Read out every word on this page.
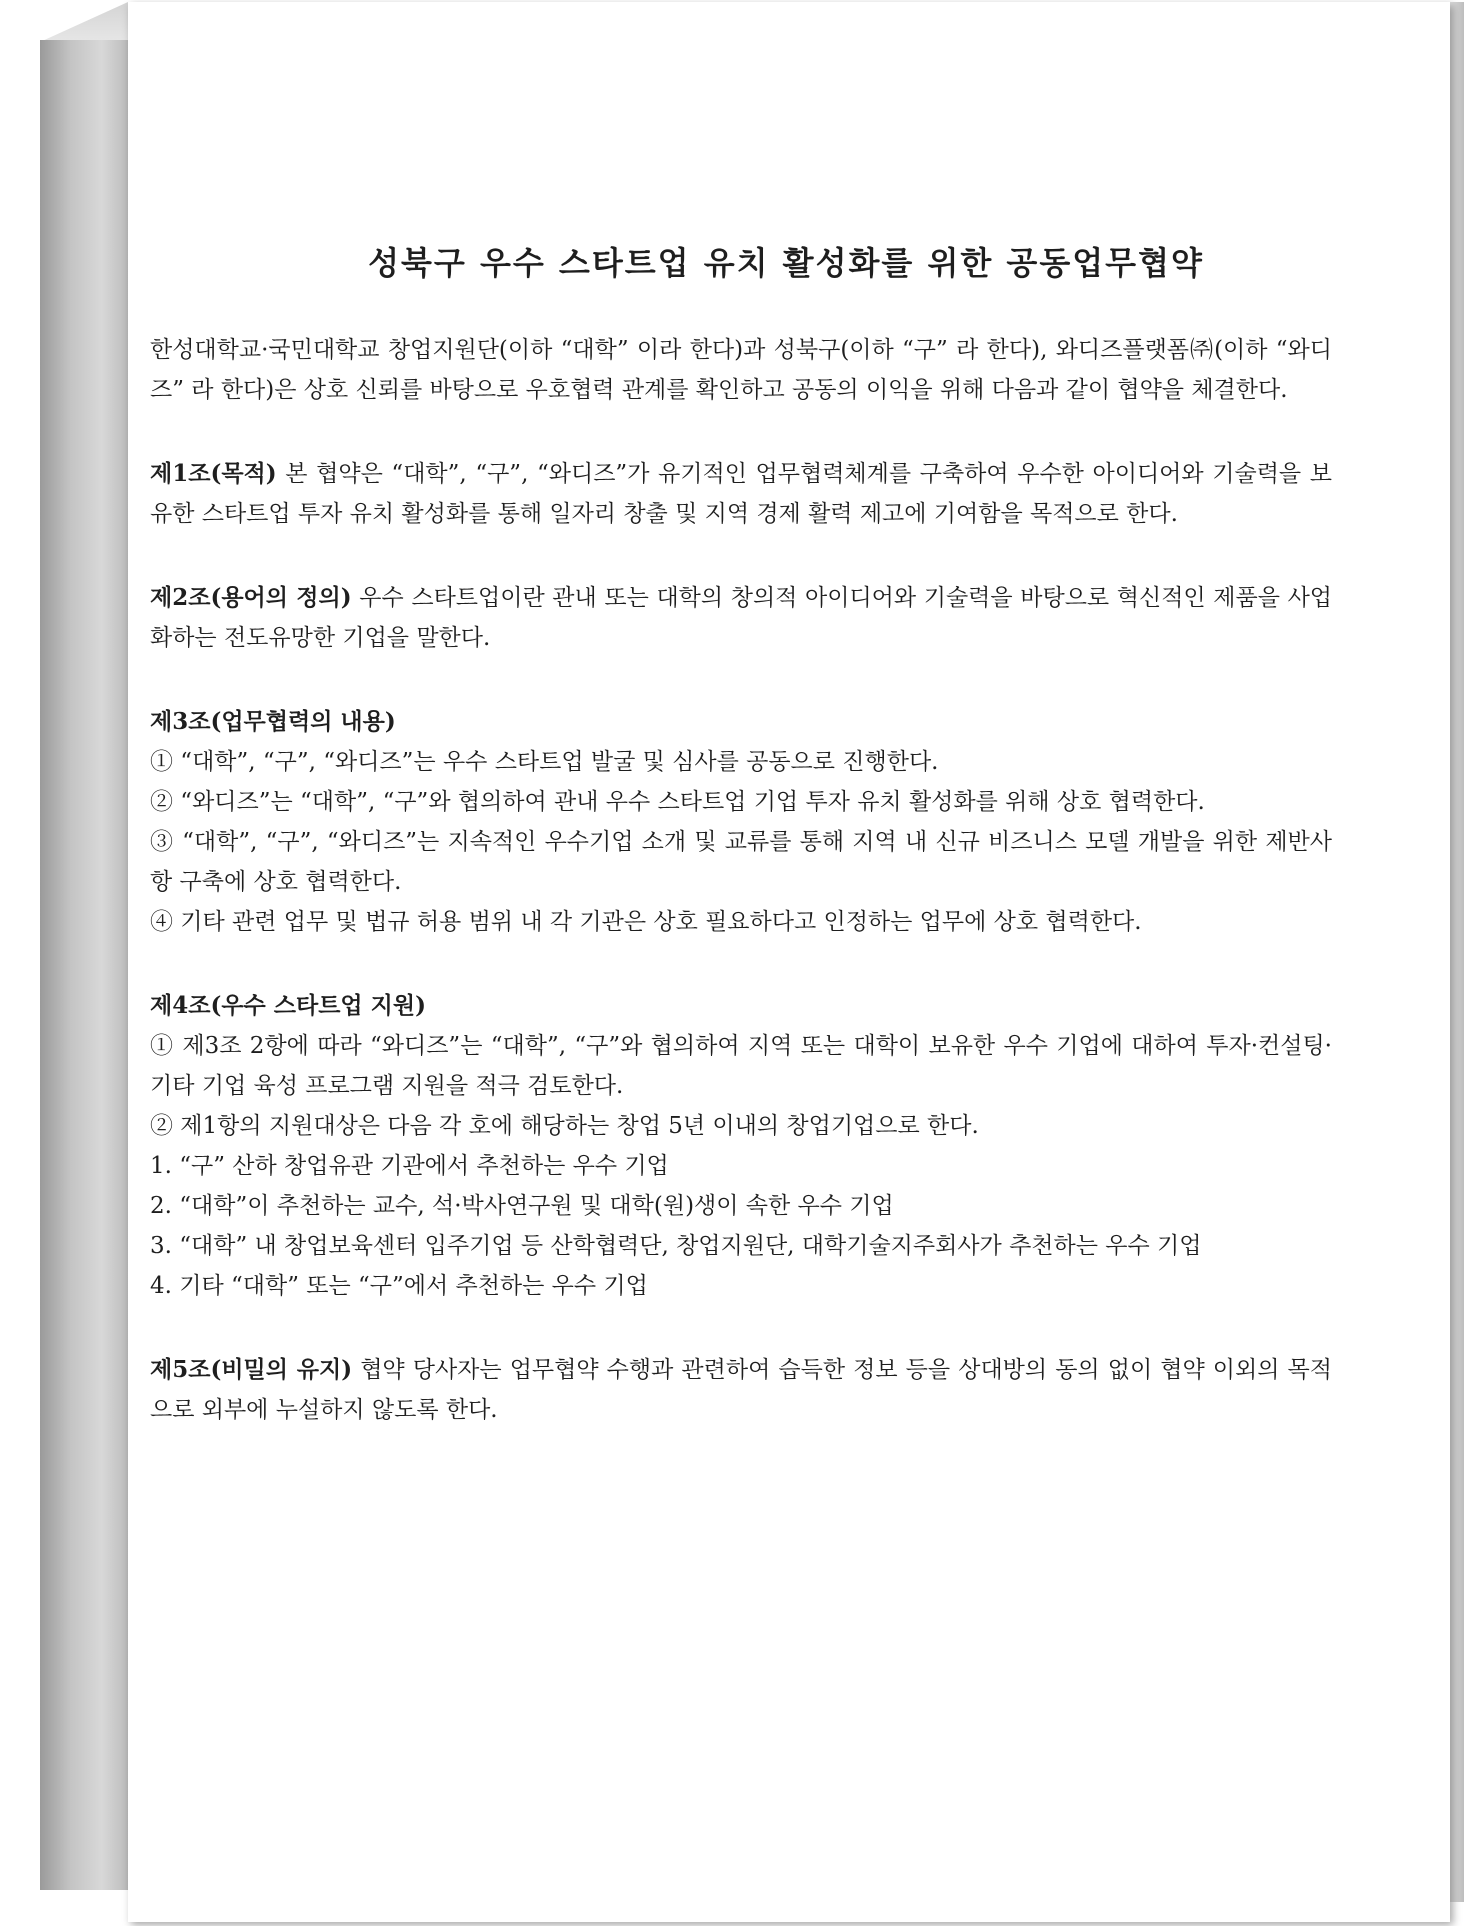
성북구 우수 스타트업 유치 활성화를 위한 공동업무협약

한성대학교·국민대학교 창업지원단(이하 “대학” 이라 한다)과 성북구(이하 “구” 라 한다), 와디즈플랫폼㈜(이하 “와디즈” 라 한다)은 상호 신뢰를 바탕으로 우호협력 관계를 확인하고 공동의 이익을 위해 다음과 같이 협약을 체결한다.

제1조(목적) 본 협약은 “대학”, “구”, “와디즈”가 유기적인 업무협력체계를 구축하여 우수한 아이디어와 기술력을 보유한 스타트업 투자 유치 활성화를 통해 일자리 창출 및 지역 경제 활력 제고에 기여함을 목적으로 한다.

제2조(용어의 정의) 우수 스타트업이란 관내 또는 대학의 창의적 아이디어와 기술력을 바탕으로 혁신적인 제품을 사업화하는 전도유망한 기업을 말한다.

제3조(업무협력의 내용)

① “대학”, “구”, “와디즈”는 우수 스타트업 발굴 및 심사를 공동으로 진행한다.

② “와디즈”는 “대학”, “구”와 협의하여 관내 우수 스타트업 기업 투자 유치 활성화를 위해 상호 협력한다.

③ “대학”, “구”, “와디즈”는 지속적인 우수기업 소개 및 교류를 통해 지역 내 신규 비즈니스 모델 개발을 위한 제반사항 구축에 상호 협력한다.

④ 기타 관련 업무 및 법규 허용 범위 내 각 기관은 상호 필요하다고 인정하는 업무에 상호 협력한다.

제4조(우수 스타트업 지원)

① 제3조 2항에 따라 “와디즈”는 “대학”, “구”와 협의하여 지역 또는 대학이 보유한 우수 기업에 대하여 투자·컨설팅·기타 기업 육성 프로그램 지원을 적극 검토한다.

② 제1항의 지원대상은 다음 각 호에 해당하는 창업 5년 이내의 창업기업으로 한다.

1. “구” 산하 창업유관 기관에서 추천하는 우수 기업

2. “대학”이 추천하는 교수, 석·박사연구원 및 대학(원)생이 속한 우수 기업

3. “대학” 내 창업보육센터 입주기업 등 산학협력단, 창업지원단, 대학기술지주회사가 추천하는 우수 기업

4. 기타 “대학” 또는 “구”에서 추천하는 우수 기업

제5조(비밀의 유지) 협약 당사자는 업무협약 수행과 관련하여 습득한 정보 등을 상대방의 동의 없이 협약 이외의 목적으로 외부에 누설하지 않도록 한다.
